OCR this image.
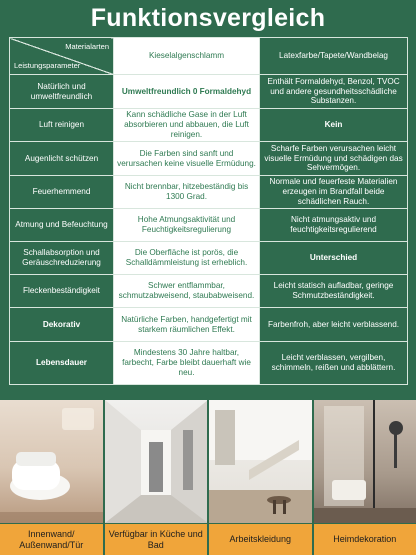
Funktionsvergleich
Materialarten
Leistungsparameter	Kieselalgenschlamm	Latexfarbe/Tapete/Wandbelag
Natürlich und umweltfreundlich	Umweltfreundlich 0 Formaldehyd	Enthält Formaldehyd, Benzol, TVOC und andere gesundheitsschädliche Substanzen.
Luft reinigen	Kann schädliche Gase in der Luft absorbieren und abbauen, die Luft reinigen.	Kein
Augenlicht schützen	Die Farben sind sanft und verursachen keine visuelle Ermüdung.	Scharfe Farben verursachen leicht visuelle Ermüdung und schädigen das Sehvermögen.
Feuerhemmend	Nicht brennbar, hitzebeständig bis 1300 Grad.	Normale und feuerfeste Materialien erzeugen im Brandfall beide schädlichen Rauch.
Atmung und Befeuchtung	Hohe Atmungsaktivität und Feuchtigkeitsregulierung	Nicht atmungsaktiv und feuchtigkeitsregulierend
Schallabsorption und Geräuschreduzierung	Die Oberfläche ist porös, die Schalldämmleistung ist erheblich.	Unterschied
Fleckenbeständigkeit	Schwer entflammbar, schmutzabweisend, staubabweisend.	Leicht statisch aufladbar, geringe Schmutzbeständigkeit.
Dekorativ	Natürliche Farben, handgefertigt mit starkem räumlichen Effekt.	Farbenfroh, aber leicht verblassend.
Lebensdauer	Mindestens 30 Jahre haltbar, farbecht, Farbe bleibt dauerhaft wie neu.	Leicht verblassen, vergilben, schimmeln, reißen und abblättern.
Innenwand/ Außenwand/Tür
Verfügbar in Küche und Bad
Arbeitskleidung	Heimdekoration
